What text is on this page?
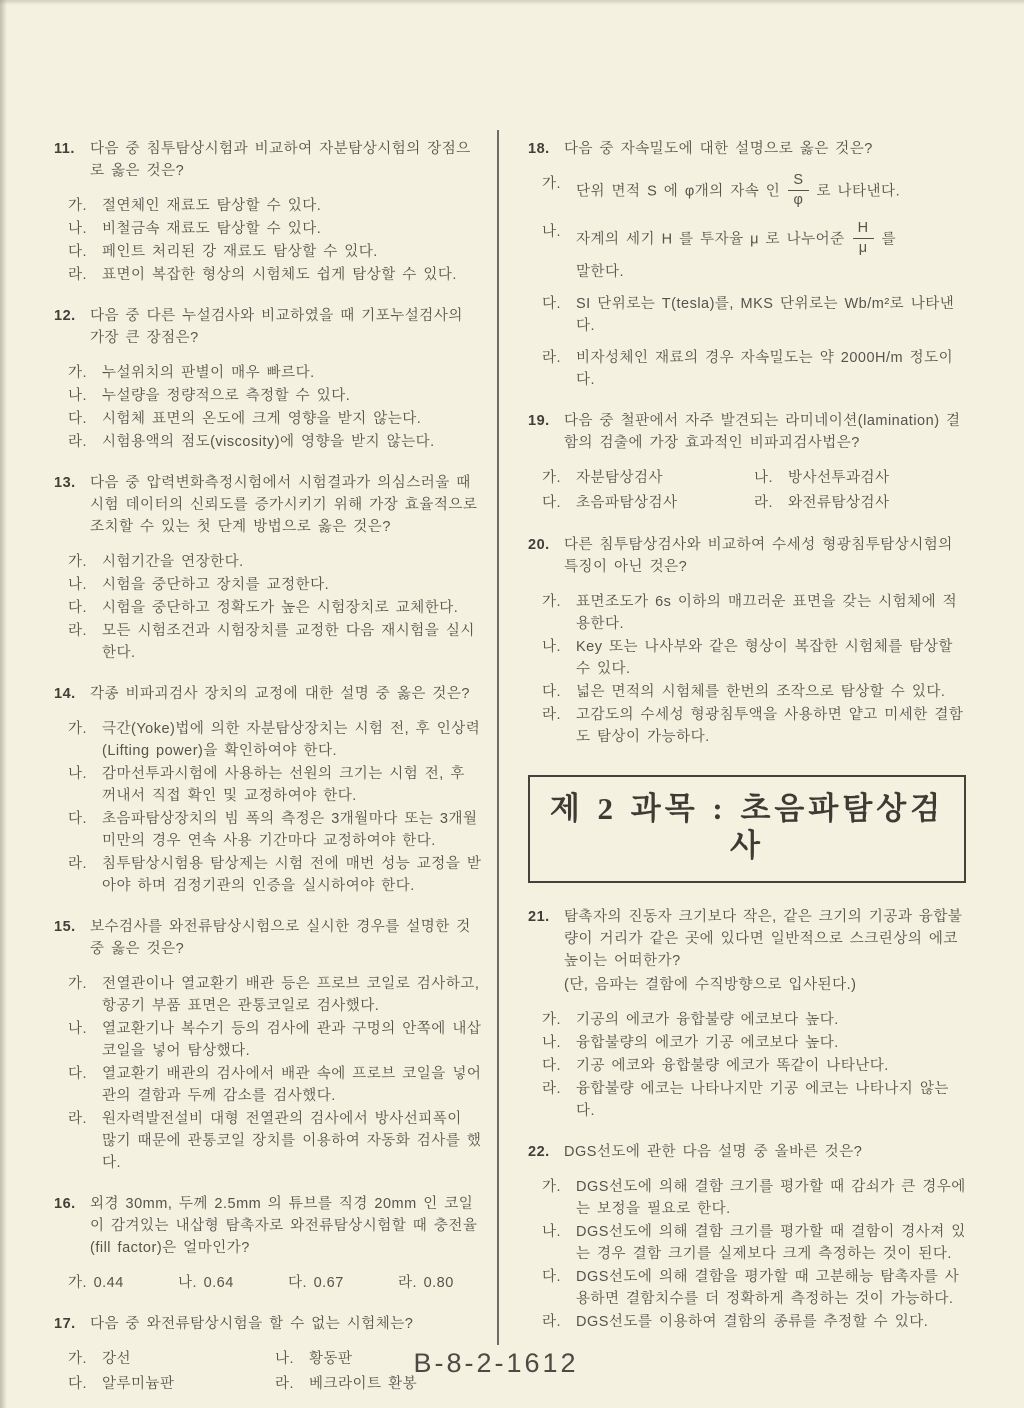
11.	다음 중 침투탐상시험과 비교하여 자분탐상시험의 장점으로 옳은 것은?
가.	절연체인 재료도 탐상할 수 있다.
나.	비철금속 재료도 탐상할 수 있다.
다.	페인트 처리된 강 재료도 탐상할 수 있다.
라.	표면이 복잡한 형상의 시험체도 쉽게 탐상할 수 있다.
12. 다음 중 다른 누설검사와 비교하였을 때 기포누설검사의 가장 큰 장점은?
가.	누설위치의 판별이 매우 빠르다.
나.	누설량을 정량적으로 측정할 수 있다.
다.	시험체 표면의 온도에 크게 영향을 받지 않는다.
라.	시험용액의 점도(viscosity)에 영향을 받지 않는다.
13. 다음 중 압력변화측정시험에서 시험결과가 의심스러울 때 시험 데이터의 신뢰도를 증가시키기 위해 가장 효율적으로 조치할 수 있는 첫 단계 방법으로 옳은 것은?
가.	시험기간을 연장한다.
나.	시험을 중단하고 장치를 교정한다.
다.	시험을 중단하고 정확도가 높은 시험장치로 교체한다.
라.	모든 시험조건과 시험장치를 교정한 다음 재시험을 실시 한다.
14. 각종 비파괴검사 장치의 교정에 대한 설명 중 옳은 것은?
가.	극간(Yoke)법에 의한 자분탐상장치는 시험 전, 후 인상력(Lifting power)을 확인하여야 한다.
나.	감마선투과시험에 사용하는 선원의 크기는 시험 전, 후 꺼내서 직접 확인 및 교정하여야 한다.
다.	초음파탐상장치의 빔 폭의 측정은 3개월마다 또는 3개월 미만의 경우 연속 사용 기간마다 교정하여야 한다.
라.	침투탐상시험용 탐상제는 시험 전에 매번 성능 교정을 받아야 하며 검정기관의 인증을 실시하여야 한다.
15. 보수검사를 와전류탐상시험으로 실시한 경우를 설명한 것 중 옳은 것은?
가.	전열관이나 열교환기 배관 등은 프로브 코일로 검사하고, 항공기 부품 표면은 관통코일로 검사했다.
나.	열교환기나 복수기 등의 검사에 관과 구멍의 안쪽에 내삽코일을 넣어 탐상했다.
다.	열교환기 배관의 검사에서 배관 속에 프로브 코일을 넣어 관의 결함과 두께 감소를 검사했다.
라.	원자력발전설비 대형 전열관의 검사에서 방사선피폭이 많기 때문에 관통코일 장치를 이용하여 자동화 검사를 했다.
16. 외경 30mm, 두께 2.5mm 의 튜브를 직경 20mm 인 코일이 감겨있는 내삽형 탐촉자로 와전류탐상시험할 때 충전율 (fill factor)은 얼마인가?
가. 0.44	나. 0.64	다. 0.67	라. 0.80
17. 다음 중 와전류탐상시험을 할 수 없는 시험체는?
가.	강선	나.	황동판
다.	알루미늄판	라.	베크라이트 환봉
18. 다음 중 자속밀도에 대한 설명으로 옳은 것은?
가.	단위 면적 S 에 φ개의 자속 인 $\frac{S}{\varphi}$ 로 나타낸다.
나.	자계의 세기 H 를 투자율 μ 로 나누어준 $\frac{H}{\mu}$ 를
말한다.
다.	SI 단위로는 T(tesla)를, MKS 단위로는 Wb/m²로 나타낸다.
라.	비자성체인 재료의 경우 자속밀도는 약 2000H/m 정도이다.
19. 다음 중 철판에서 자주 발견되는 라미네이션(lamination) 결함의 검출에 가장 효과적인 비파괴검사법은?
가.	자분탐상검사	나.	방사선투과검사
다.	초음파탐상검사	라.	와전류탐상검사
20. 다른 침투탐상검사와 비교하여 수세성 형광침투탐상시험의 특징이 아닌 것은?
가.	표면조도가 6s 이하의 매끄러운 표면을 갖는 시험체에 적용한다.
나.	Key 또는 나사부와 같은 형상이 복잡한 시험체를 탐상할 수 있다.
다.	넓은 면적의 시험체를 한번의 조작으로 탐상할 수 있다.
라.	고감도의 수세성 형광침투액을 사용하면 얕고 미세한 결함도 탐상이 가능하다.
제 2 과목 : 초음파탐상검사
21. 탐촉자의 진동자 크기보다 작은, 같은 크기의 기공과 융합불량이 거리가 같은 곳에 있다면 일반적으로 스크린상의 에코 높이는 어떠한가?
(단, 음파는 결함에 수직방향으로 입사된다.)
가.	기공의 에코가 융합불량 에코보다 높다.
나.	융합불량의 에코가 기공 에코보다 높다.
다.	기공 에코와 융합불량 에코가 똑같이 나타난다.
라.	융합불량 에코는 나타나지만 기공 에코는 나타나지 않는다.
22. DGS선도에 관한 다음 설명 중 올바른 것은?
가.	DGS선도에 의해 결함 크기를 평가할 때 감쇠가 큰 경우에는 보정을 필요로 한다.
나.	DGS선도에 의해 결함 크기를 평가할 때 결함이 경사져 있는 경우 결함 크기를 실제보다 크게 측정하는 것이 된다.
다.	DGS선도에 의해 결함을 평가할 때 고분해능 탐촉자를 사용하면 결함치수를 더 정확하게 측정하는 것이 가능하다.
라.	DGS선도를 이용하여 결함의 종류를 추정할 수 있다.
B-8-2-1612
